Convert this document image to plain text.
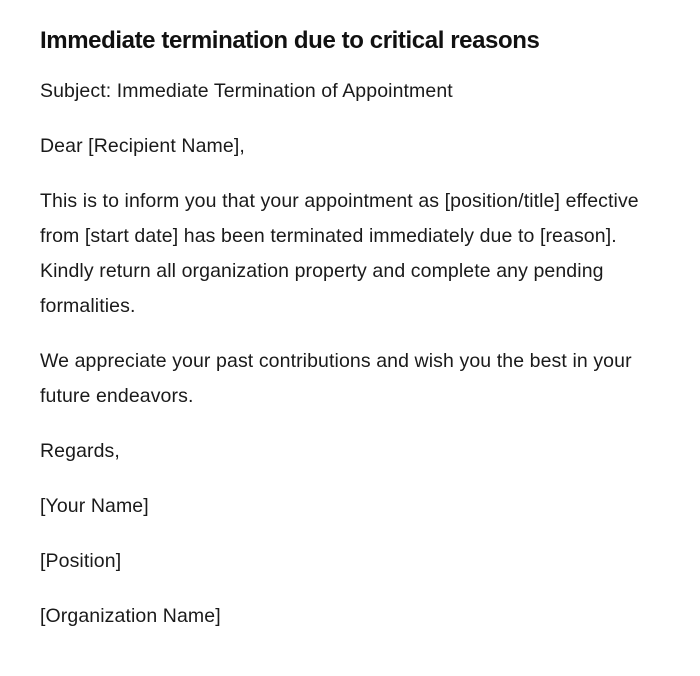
Immediate termination due to critical reasons

Subject: Immediate Termination of Appointment

Dear [Recipient Name],

This is to inform you that your appointment as [position/title] effective from [start date] has been terminated immediately due to [reason]. Kindly return all organization property and complete any pending formalities.

We appreciate your past contributions and wish you the best in your future endeavors.

Regards,

[Your Name]

[Position]

[Organization Name]
